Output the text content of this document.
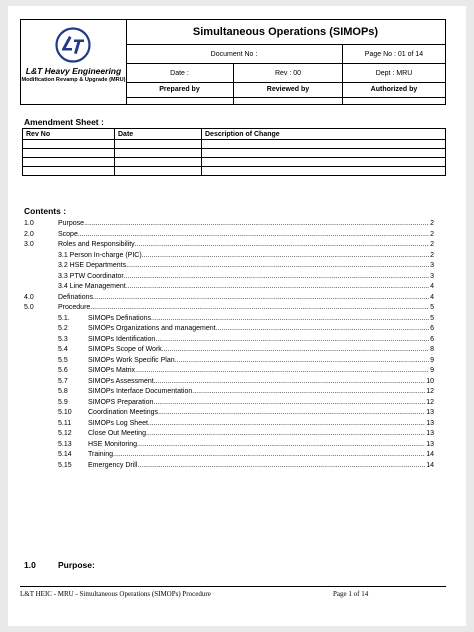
L&T Heavy Engineering
Modification Revamp & Upgrade (MRU)
Simultaneous Operations (SIMOPs)
Document No :	Page No : 01 of 14
Date :	Rev : 00	Dept : MRU
Prepared by	Reviewed by	Authorized by
Amendment Sheet :
Rev No	Date	Description of Change

Contents :
1.0	Purpose .....	2
2.0	Scope .....	2
3.0	Roles and Responsibility .....	2
3.1 Person In-charge (PIC) .....	2
3.2 HSE Departments .....	3
3.3 PTW Coordinator .....	3
3.4 Line Management .....	4
4.0	Definations .....	4
5.0	Procedure .....	5
5.1.	SIMOPs Definations .....	5
5.2	SIMOPs Organizations and management .....	6
5.3	SIMOPs Identification .....	6
5.4	SIMOPs Scope of Work .....	8
5.5	SIMOPs Work Specific Plan .....	9
5.6	SIMOPs Matrix .....	9
5.7	SIMOPs Assessment .....	10
5.8	SIMOPs Interface Documentation .....	12
5.9	SIMOPS Preparation .....	12
5.10	Coordination Meetings .....	13
5.11	SIMOPs Log Sheet .....	13
5.12	Close Out Meeting .....	13
5.13	HSE Monitoring .....	13
5.14	Training .....	14
5.15	Emergency Drill .....	14
1.0	Purpose:
L&T HEIC - MRU - Simultaneous Operations (SIMOPs) Procedure	Page 1 of 14
